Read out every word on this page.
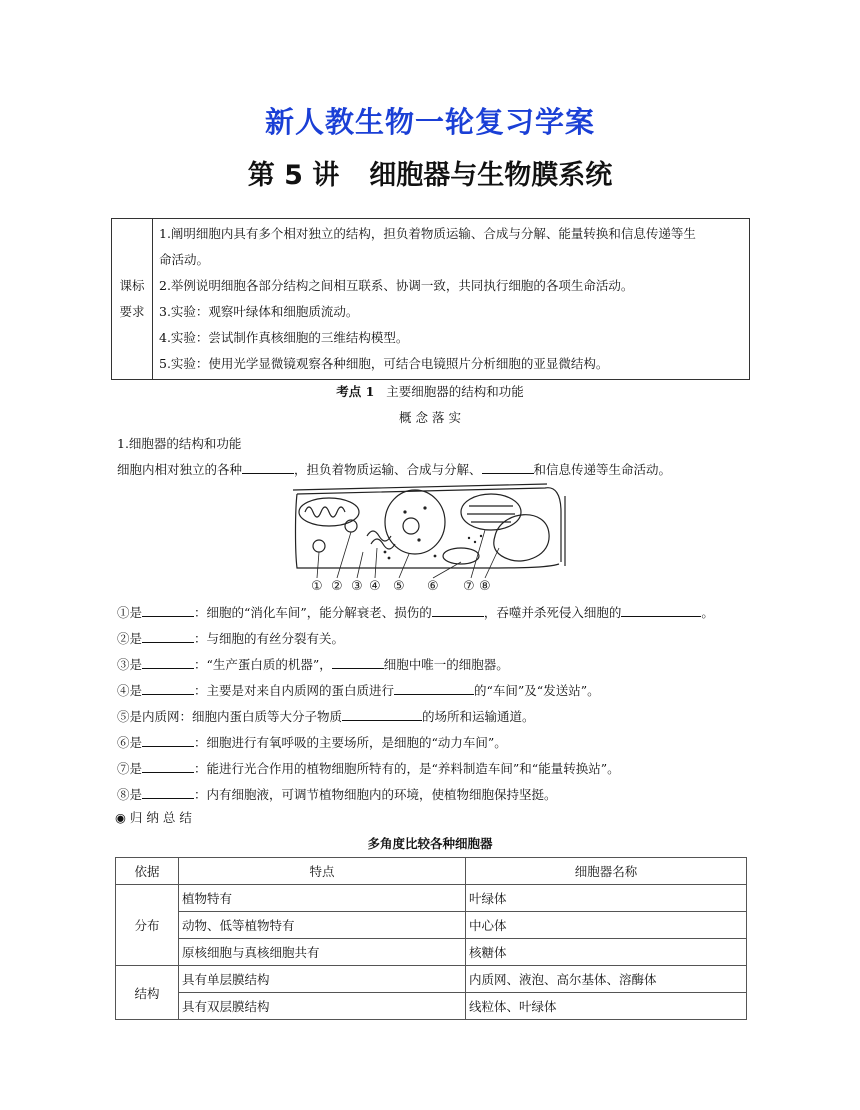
新人教生物一轮复习学案
第 5 讲 细胞器与生物膜系统
课标
要求	
1.阐明细胞内具有多个相对独立的结构，担负着物质运输、合成与分解、能量转换和信息传递等生
命活动。
2.举例说明细胞各部分结构之间相互联系、协调一致，共同执行细胞的各项生命活动。
3.实验：观察叶绿体和细胞质流动。
4.实验：尝试制作真核细胞的三维结构模型。
5.实验：使用光学显微镜观察各种细胞，可结合电镜照片分析细胞的亚显微结构。
考点 1 主要细胞器的结构和功能
概 念 落 实
1.细胞器的结构和功能
细胞内相对独立的各种	，担负着物质运输、合成与分解、	和信息传递等生命活动。
① ② ③ ④ ⑤ ⑥ ⑦ ⑧
①是	：细胞的“消化车间”，能分解衰老、损伤的	，吞噬并杀死侵入细胞的	。
②是	：与细胞的有丝分裂有关。
③是	：“生产蛋白质的机器”，	细胞中唯一的细胞器。
④是	：主要是对来自内质网的蛋白质进行	的“车间”及“发送站”。
⑤是内质网：细胞内蛋白质等大分子物质	的场所和运输通道。
⑥是	：细胞进行有氧呼吸的主要场所，是细胞的“动力车间”。
⑦是	：能进行光合作用的植物细胞所特有的，是“养料制造车间”和“能量转换站”。
⑧是	：内有细胞液，可调节植物细胞内的环境，使植物细胞保持坚挺。
◉ 归 纳 总 结
多角度比较各种细胞器
依据	特点	细胞器名称
分布	植物特有	叶绿体
	动物、低等植物特有	中心体
	原核细胞与真核细胞共有	核糖体
结构	具有单层膜结构	内质网、液泡、高尔基体、溶酶体
	具有双层膜结构	线粒体、叶绿体
